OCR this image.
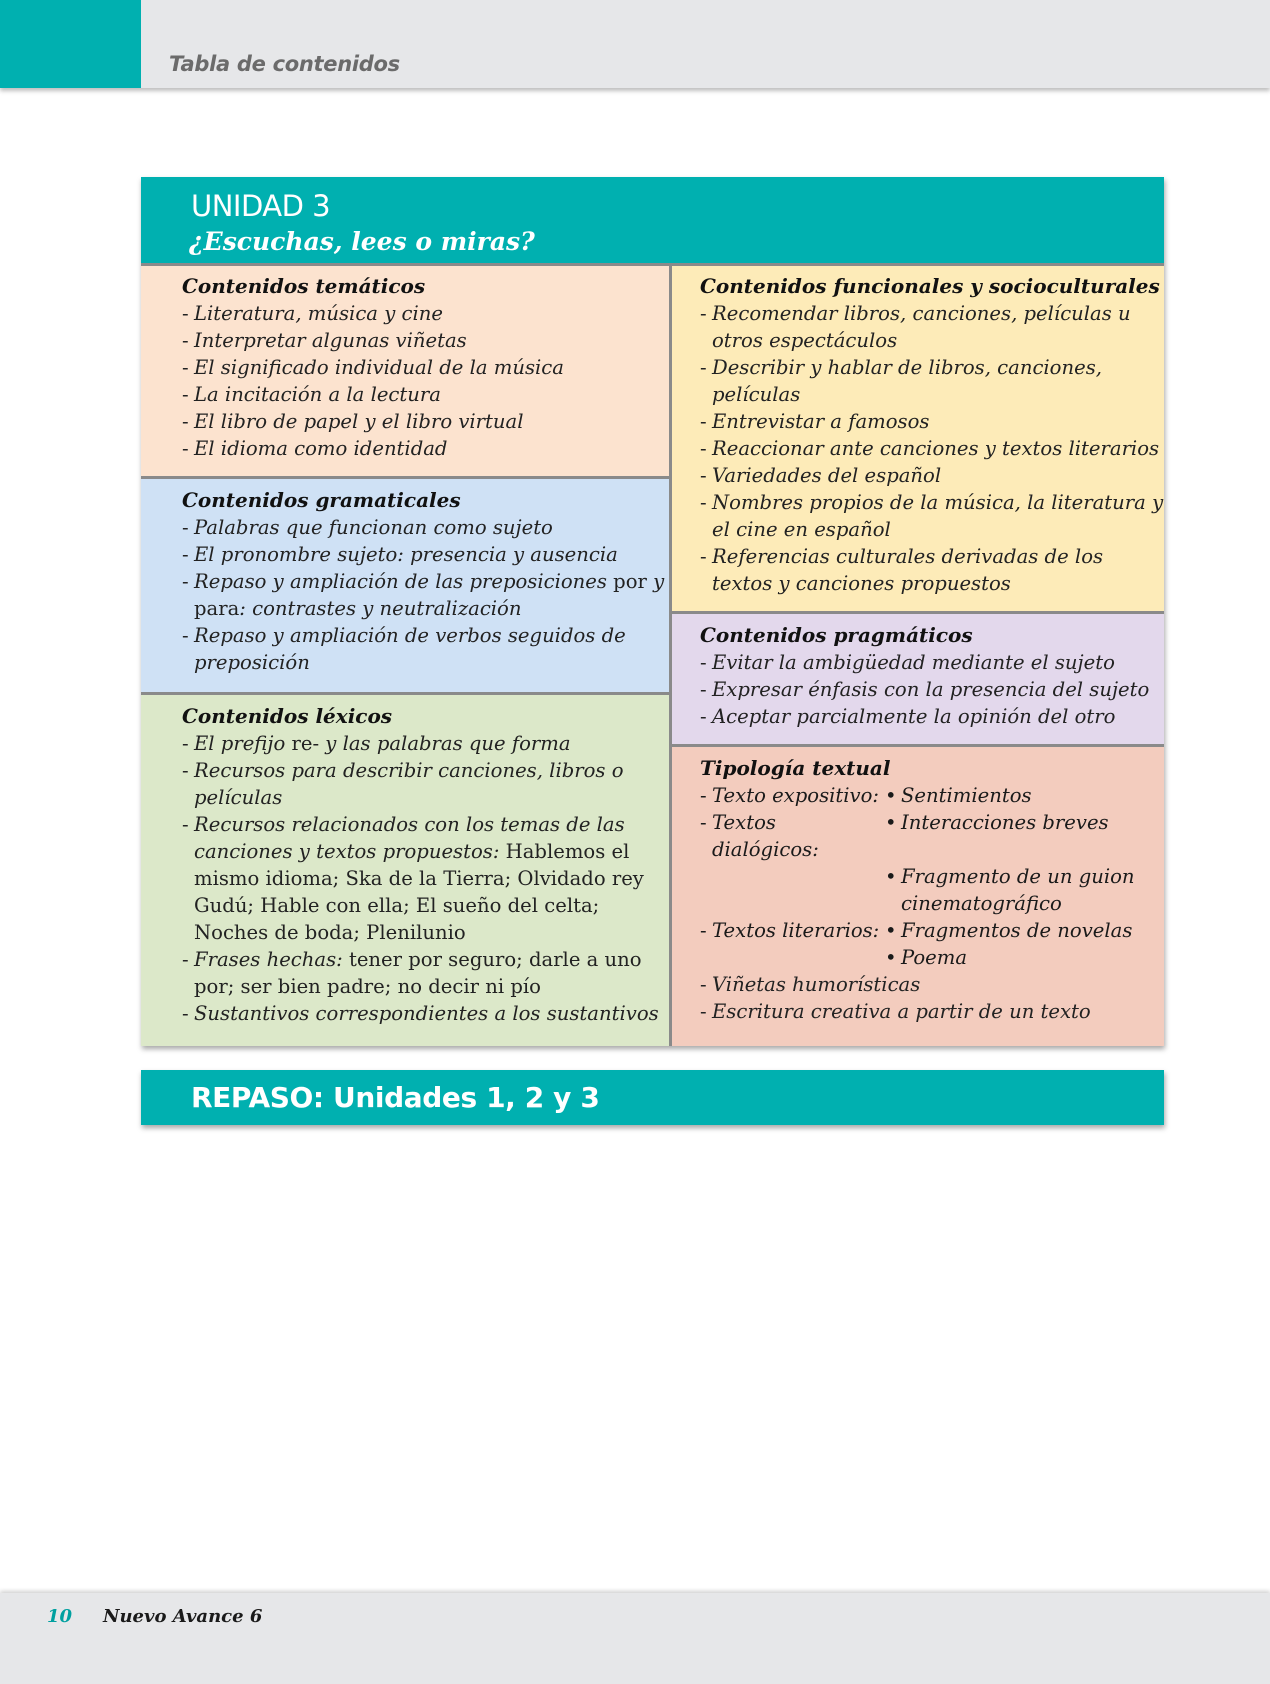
Tabla de contenidos
UNIDAD 3
¿Escuchas, lees o miras?
Contenidos temáticos
- Literatura, música y cine
- Interpretar algunas viñetas
- El significado individual de la música
- La incitación a la lectura
- El libro de papel y el libro virtual
- El idioma como identidad
Contenidos gramaticales
- Palabras que funcionan como sujeto
- El pronombre sujeto: presencia y ausencia
- Repaso y ampliación de las preposiciones por y para: contrastes y neutralización
- Repaso y ampliación de verbos seguidos de preposición
Contenidos léxicos
- El prefijo re- y las palabras que forma
- Recursos para describir canciones, libros o películas
- Recursos relacionados con los temas de las canciones y textos propuestos: Hablemos el mismo idioma; Ska de la Tierra; Olvidado rey Gudú; Hable con ella; El sueño del celta; Noches de boda; Plenilunio
- Frases hechas: tener por seguro; darle a uno por; ser bien padre; no decir ni pío
- Sustantivos correspondientes a los sustantivos
Contenidos funcionales y socioculturales
- Recomendar libros, canciones, películas u otros espectáculos
- Describir y hablar de libros, canciones, películas
- Entrevistar a famosos
- Reaccionar ante canciones y textos literarios
- Variedades del español
- Nombres propios de la música, la literatura y el cine en español
- Referencias culturales derivadas de los textos y canciones propuestos
Contenidos pragmáticos
- Evitar la ambigüedad mediante el sujeto
- Expresar énfasis con la presencia del sujeto
- Aceptar parcialmente la opinión del otro
Tipología textual
- Texto expositivo:	• Sentimientos
- Textos dialógicos:
• Interacciones breves
• Fragmento de un guion cinematográfico
- Textos literarios:	• Fragmentos de novelas
• Poema
- Viñetas humorísticas
- Escritura creativa a partir de un texto
REPASO: Unidades 1, 2 y 3
10 Nuevo Avance 6
